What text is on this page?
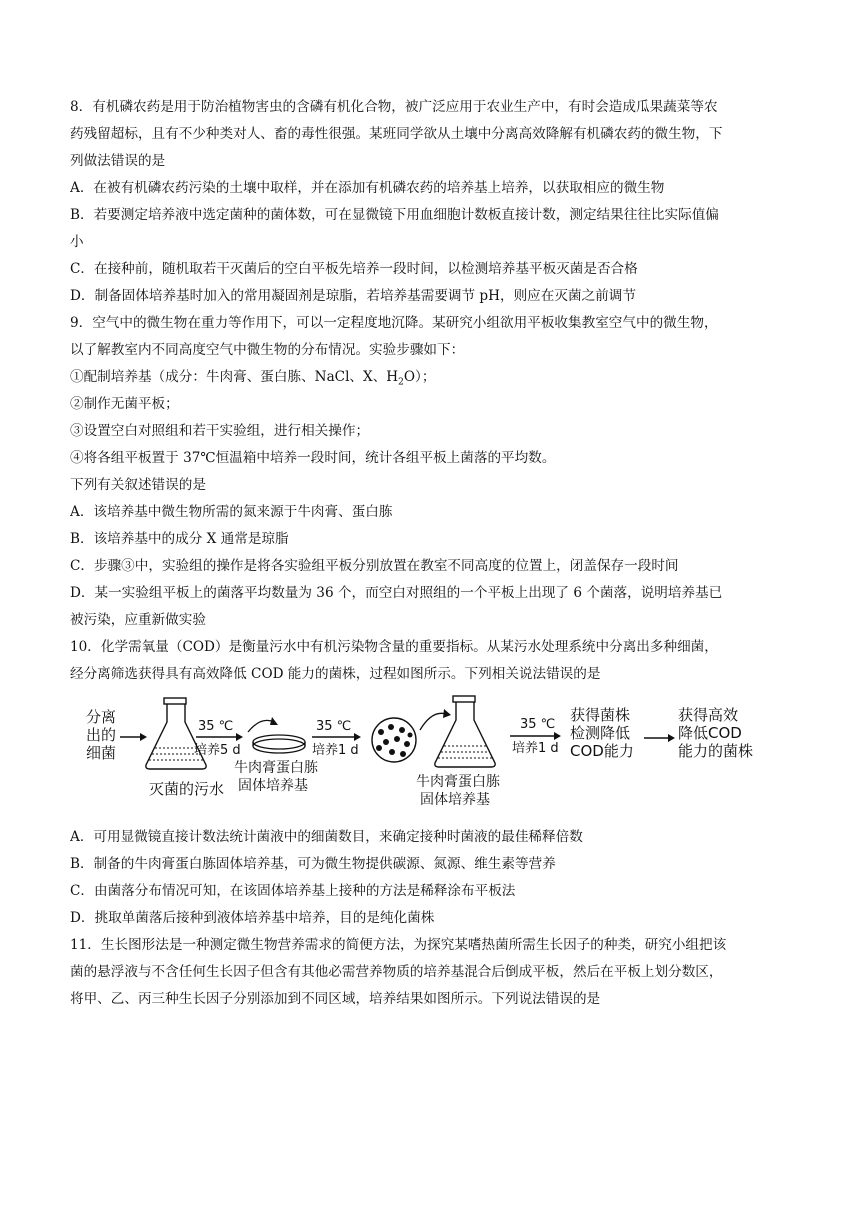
8．有机磷农药是用于防治植物害虫的含磷有机化合物，被广泛应用于农业生产中，有时会造成瓜果蔬菜等农
药残留超标，且有不少种类对人、畜的毒性很强。某班同学欲从土壤中分离高效降解有机磷农药的微生物，下
列做法错误的是
A．在被有机磷农药污染的土壤中取样，并在添加有机磷农药的培养基上培养，以获取相应的微生物
B．若要测定培养液中选定菌种的菌体数，可在显微镜下用血细胞计数板直接计数，测定结果往往比实际值偏
小
C．在接种前，随机取若干灭菌后的空白平板先培养一段时间，以检测培养基平板灭菌是否合格
D．制备固体培养基时加入的常用凝固剂是琼脂，若培养基需要调节 pH，则应在灭菌之前调节
9．空气中的微生物在重力等作用下，可以一定程度地沉降。某研究小组欲用平板收集教室空气中的微生物，
以了解教室内不同高度空气中微生物的分布情况。实验步骤如下：
①配制培养基（成分：牛肉膏、蛋白胨、NaCl、X、$H_2O$）；
②制作无菌平板；
③设置空白对照组和若干实验组，进行相关操作；
④将各组平板置于 37℃恒温箱中培养一段时间，统计各组平板上菌落的平均数。
下列有关叙述错误的是
A．该培养基中微生物所需的氮来源于牛肉膏、蛋白胨
B．该培养基中的成分 X 通常是琼脂
C．步骤③中，实验组的操作是将各实验组平板分别放置在教室不同高度的位置上，闭盖保存一段时间
D．某一实验组平板上的菌落平均数量为 36 个，而空白对照组的一个平板上出现了 6 个菌落，说明培养基已
被污染，应重新做实验
10．化学需氧量（COD）是衡量污水中有机污染物含量的重要指标。从某污水处理系统中分离出多种细菌，
经分离筛选获得具有高效降低 COD 能力的菌株，过程如图所示。下列相关说法错误的是
分离
出的
细菌
灭菌的污水
35 ℃
培养5 d
牛肉膏蛋白胨
固体培养基
35 ℃
培养1 d
牛肉膏蛋白胨
固体培养基
35 ℃
培养1 d
获得菌株
检测降低
COD能力
获得高效
降低COD
能力的菌株
A．可用显微镜直接计数法统计菌液中的细菌数目，来确定接种时菌液的最佳稀释倍数
B．制备的牛肉膏蛋白胨固体培养基，可为微生物提供碳源、氮源、维生素等营养
C．由菌落分布情况可知，在该固体培养基上接种的方法是稀释涂布平板法
D．挑取单菌落后接种到液体培养基中培养，目的是纯化菌株
11．生长图形法是一种测定微生物营养需求的简便方法，为探究某嗜热菌所需生长因子的种类，研究小组把该
菌的悬浮液与不含任何生长因子但含有其他必需营养物质的培养基混合后倒成平板，然后在平板上划分数区，
将甲、乙、丙三种生长因子分别添加到不同区域，培养结果如图所示。下列说法错误的是
